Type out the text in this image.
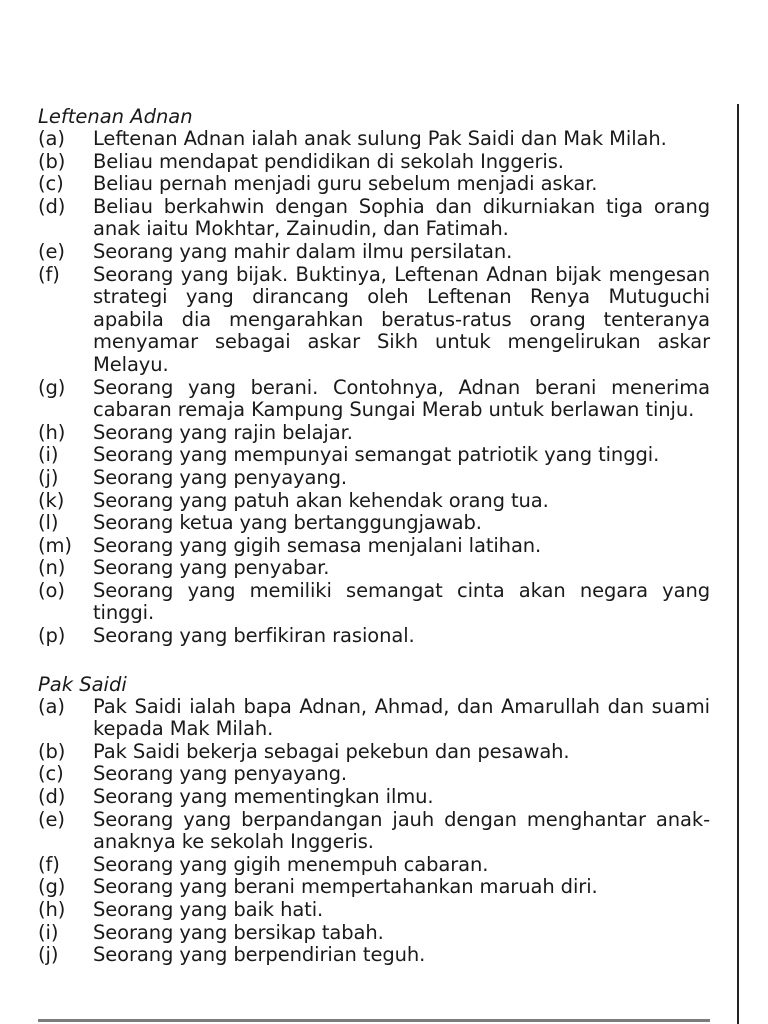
Leftenan Adnan
(a)	Leftenan Adnan ialah anak sulung Pak Saidi dan Mak Milah.
(b)	Beliau mendapat pendidikan di sekolah Inggeris.
(c)	Beliau pernah menjadi guru sebelum menjadi askar.
(d)	Beliau berkahwin dengan Sophia dan dikurniakan tiga orang anak iaitu Mokhtar, Zainudin, dan Fatimah.
(e)	Seorang yang mahir dalam ilmu persilatan.
(f)	Seorang yang bijak. Buktinya, Leftenan Adnan bijak mengesan strategi yang dirancang oleh Leftenan Renya Mutuguchi apabila dia mengarahkan beratus-ratus orang tenteranya menyamar sebagai askar Sikh untuk mengelirukan askar Melayu.
(g)	Seorang yang berani. Contohnya, Adnan berani menerima cabaran remaja Kampung Sungai Merab untuk berlawan tinju.
(h)	Seorang yang rajin belajar.
(i)	Seorang yang mempunyai semangat patriotik yang tinggi.
(j)	Seorang yang penyayang.
(k)	Seorang yang patuh akan kehendak orang tua.
(l)	Seorang ketua yang bertanggungjawab.
(m)	Seorang yang gigih semasa menjalani latihan.
(n)	Seorang yang penyabar.
(o)	Seorang yang memiliki semangat cinta akan negara yang tinggi.
(p)	Seorang yang berfikiran rasional.
Pak Saidi
(a)	Pak Saidi ialah bapa Adnan, Ahmad, dan Amarullah dan suami kepada Mak Milah.
(b)	Pak Saidi bekerja sebagai pekebun dan pesawah.
(c)	Seorang yang penyayang.
(d)	Seorang yang mementingkan ilmu.
(e)	Seorang yang berpandangan jauh dengan menghantar anak-anaknya ke sekolah Inggeris.
(f)	Seorang yang gigih menempuh cabaran.
(g)	Seorang yang berani mempertahankan maruah diri.
(h)	Seorang yang baik hati.
(i)	Seorang yang bersikap tabah.
(j)	Seorang yang berpendirian teguh.
